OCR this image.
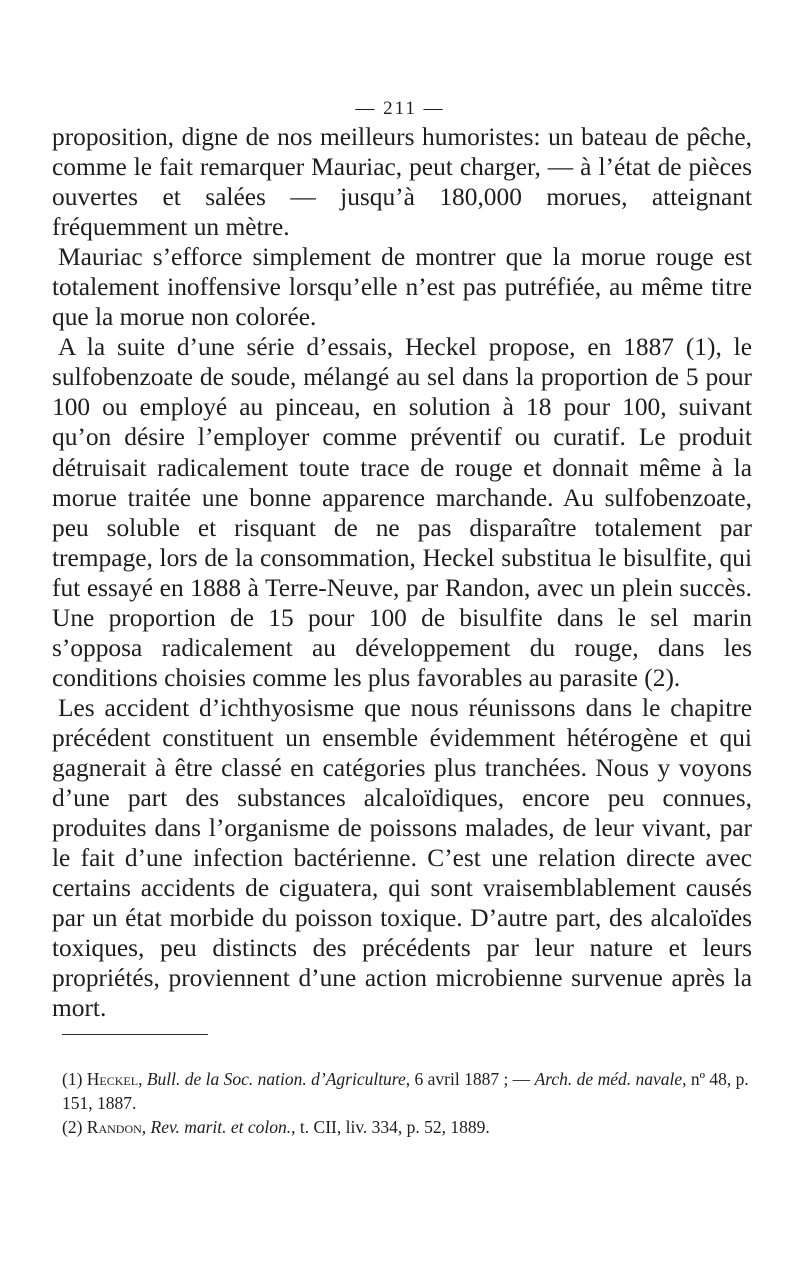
— 211 —

proposition, digne de nos meilleurs humoristes: un bateau de pêche, comme le fait remarquer Mauriac, peut charger, — à l’état de pièces ouvertes et salées — jusqu’à 180,000 morues, atteignant fréquemment un mètre.

Mauriac s’efforce simplement de montrer que la morue rouge est totalement inoffensive lorsqu’elle n’est pas putréfiée, au même titre que la morue non colorée.

A la suite d’une série d’essais, Heckel propose, en 1887 (1), le sulfobenzoate de soude, mélangé au sel dans la proportion de 5 pour 100 ou employé au pinceau, en solution à 18 pour 100, suivant qu’on désire l’employer comme préventif ou curatif. Le produit détruisait radicalement toute trace de rouge et donnait même à la morue traitée une bonne apparence marchande. Au sulfobenzoate, peu soluble et risquant de ne pas disparaître totalement par trempage, lors de la consommation, Heckel substitua le bisulfite, qui fut essayé en 1888 à Terre-Neuve, par Randon, avec un plein succès. Une proportion de 15 pour 100 de bisulfite dans le sel marin s’opposa radicalement au développement du rouge, dans les conditions choisies comme les plus favorables au parasite (2).

Les accident d’ichthyosisme que nous réunissons dans le chapitre précédent constituent un ensemble évidemment hétérogène et qui gagnerait à être classé en catégories plus tranchées. Nous y voyons d’une part des substances alcaloïdiques, encore peu connues, produites dans l’organisme de poissons malades, de leur vivant, par le fait d’une infection bactérienne. C’est une relation directe avec certains accidents de ciguatera, qui sont vraisemblablement causés par un état morbide du poisson toxique. D’autre part, des alcaloïdes toxiques, peu distincts des précédents par leur nature et leurs propriétés, proviennent d’une action microbienne survenue après la mort.

(1) Heckel, Bull. de la Soc. nation. d’Agriculture, 6 avril 1887 ; — Arch. de méd. navale, nº 48, p. 151, 1887.

(2) Randon, Rev. marit. et colon., t. CII, liv. 334, p. 52, 1889.
